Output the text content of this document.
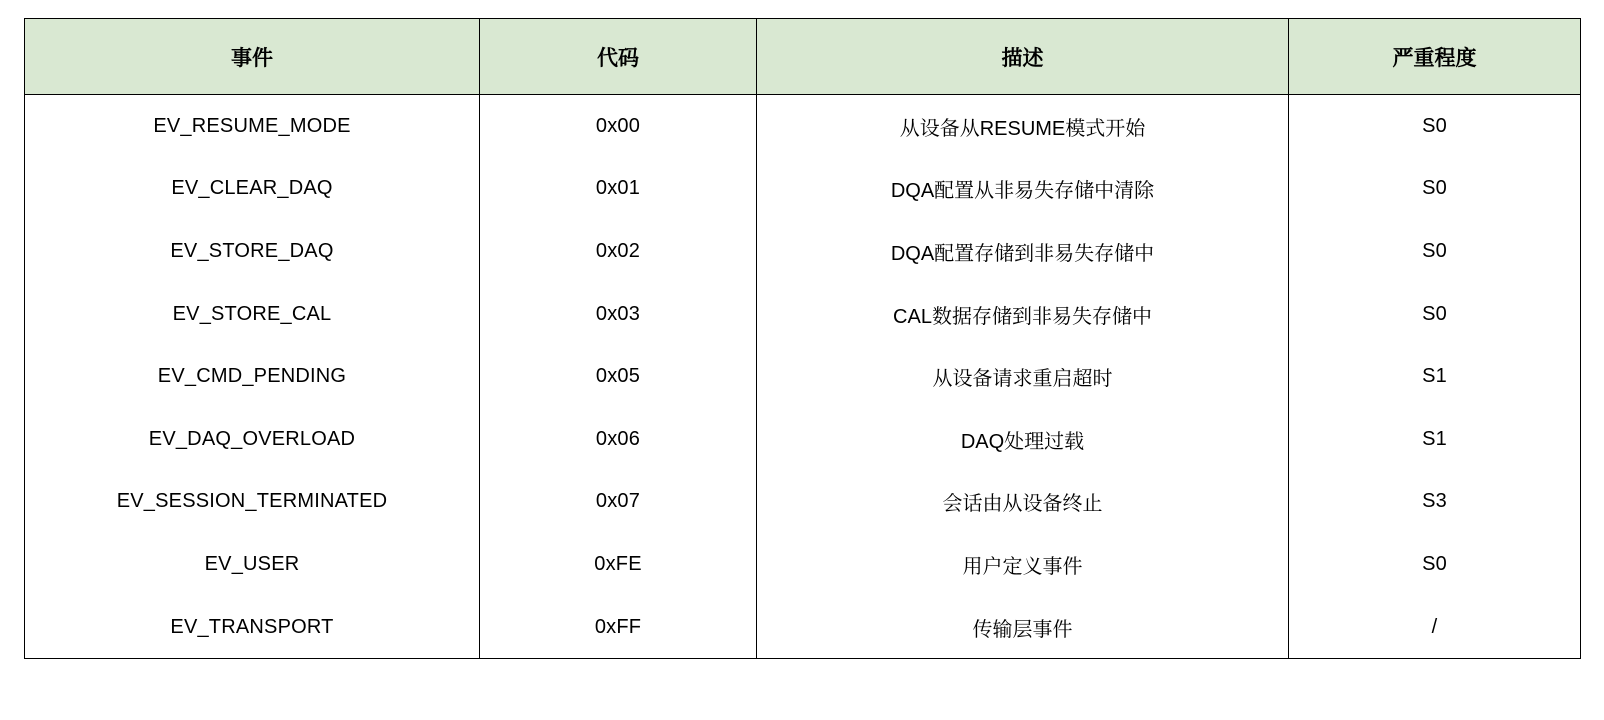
事件	代码	描述	严重程度
EV_RESUME_MODE	0x00	从设备从RESUME模式开始	S0
EV_CLEAR_DAQ	0x01	DQA配置从非易失存储中清除	S0
EV_STORE_DAQ	0x02	DQA配置存储到非易失存储中	S0
EV_STORE_CAL	0x03	CAL数据存储到非易失存储中	S0
EV_CMD_PENDING	0x05	从设备请求重启超时	S1
EV_DAQ_OVERLOAD	0x06	DAQ处理过载	S1
EV_SESSION_TERMINATED	0x07	会话由从设备终止	S3
EV_USER	0xFE	用户定义事件	S0
EV_TRANSPORT	0xFF	传输层事件	/
